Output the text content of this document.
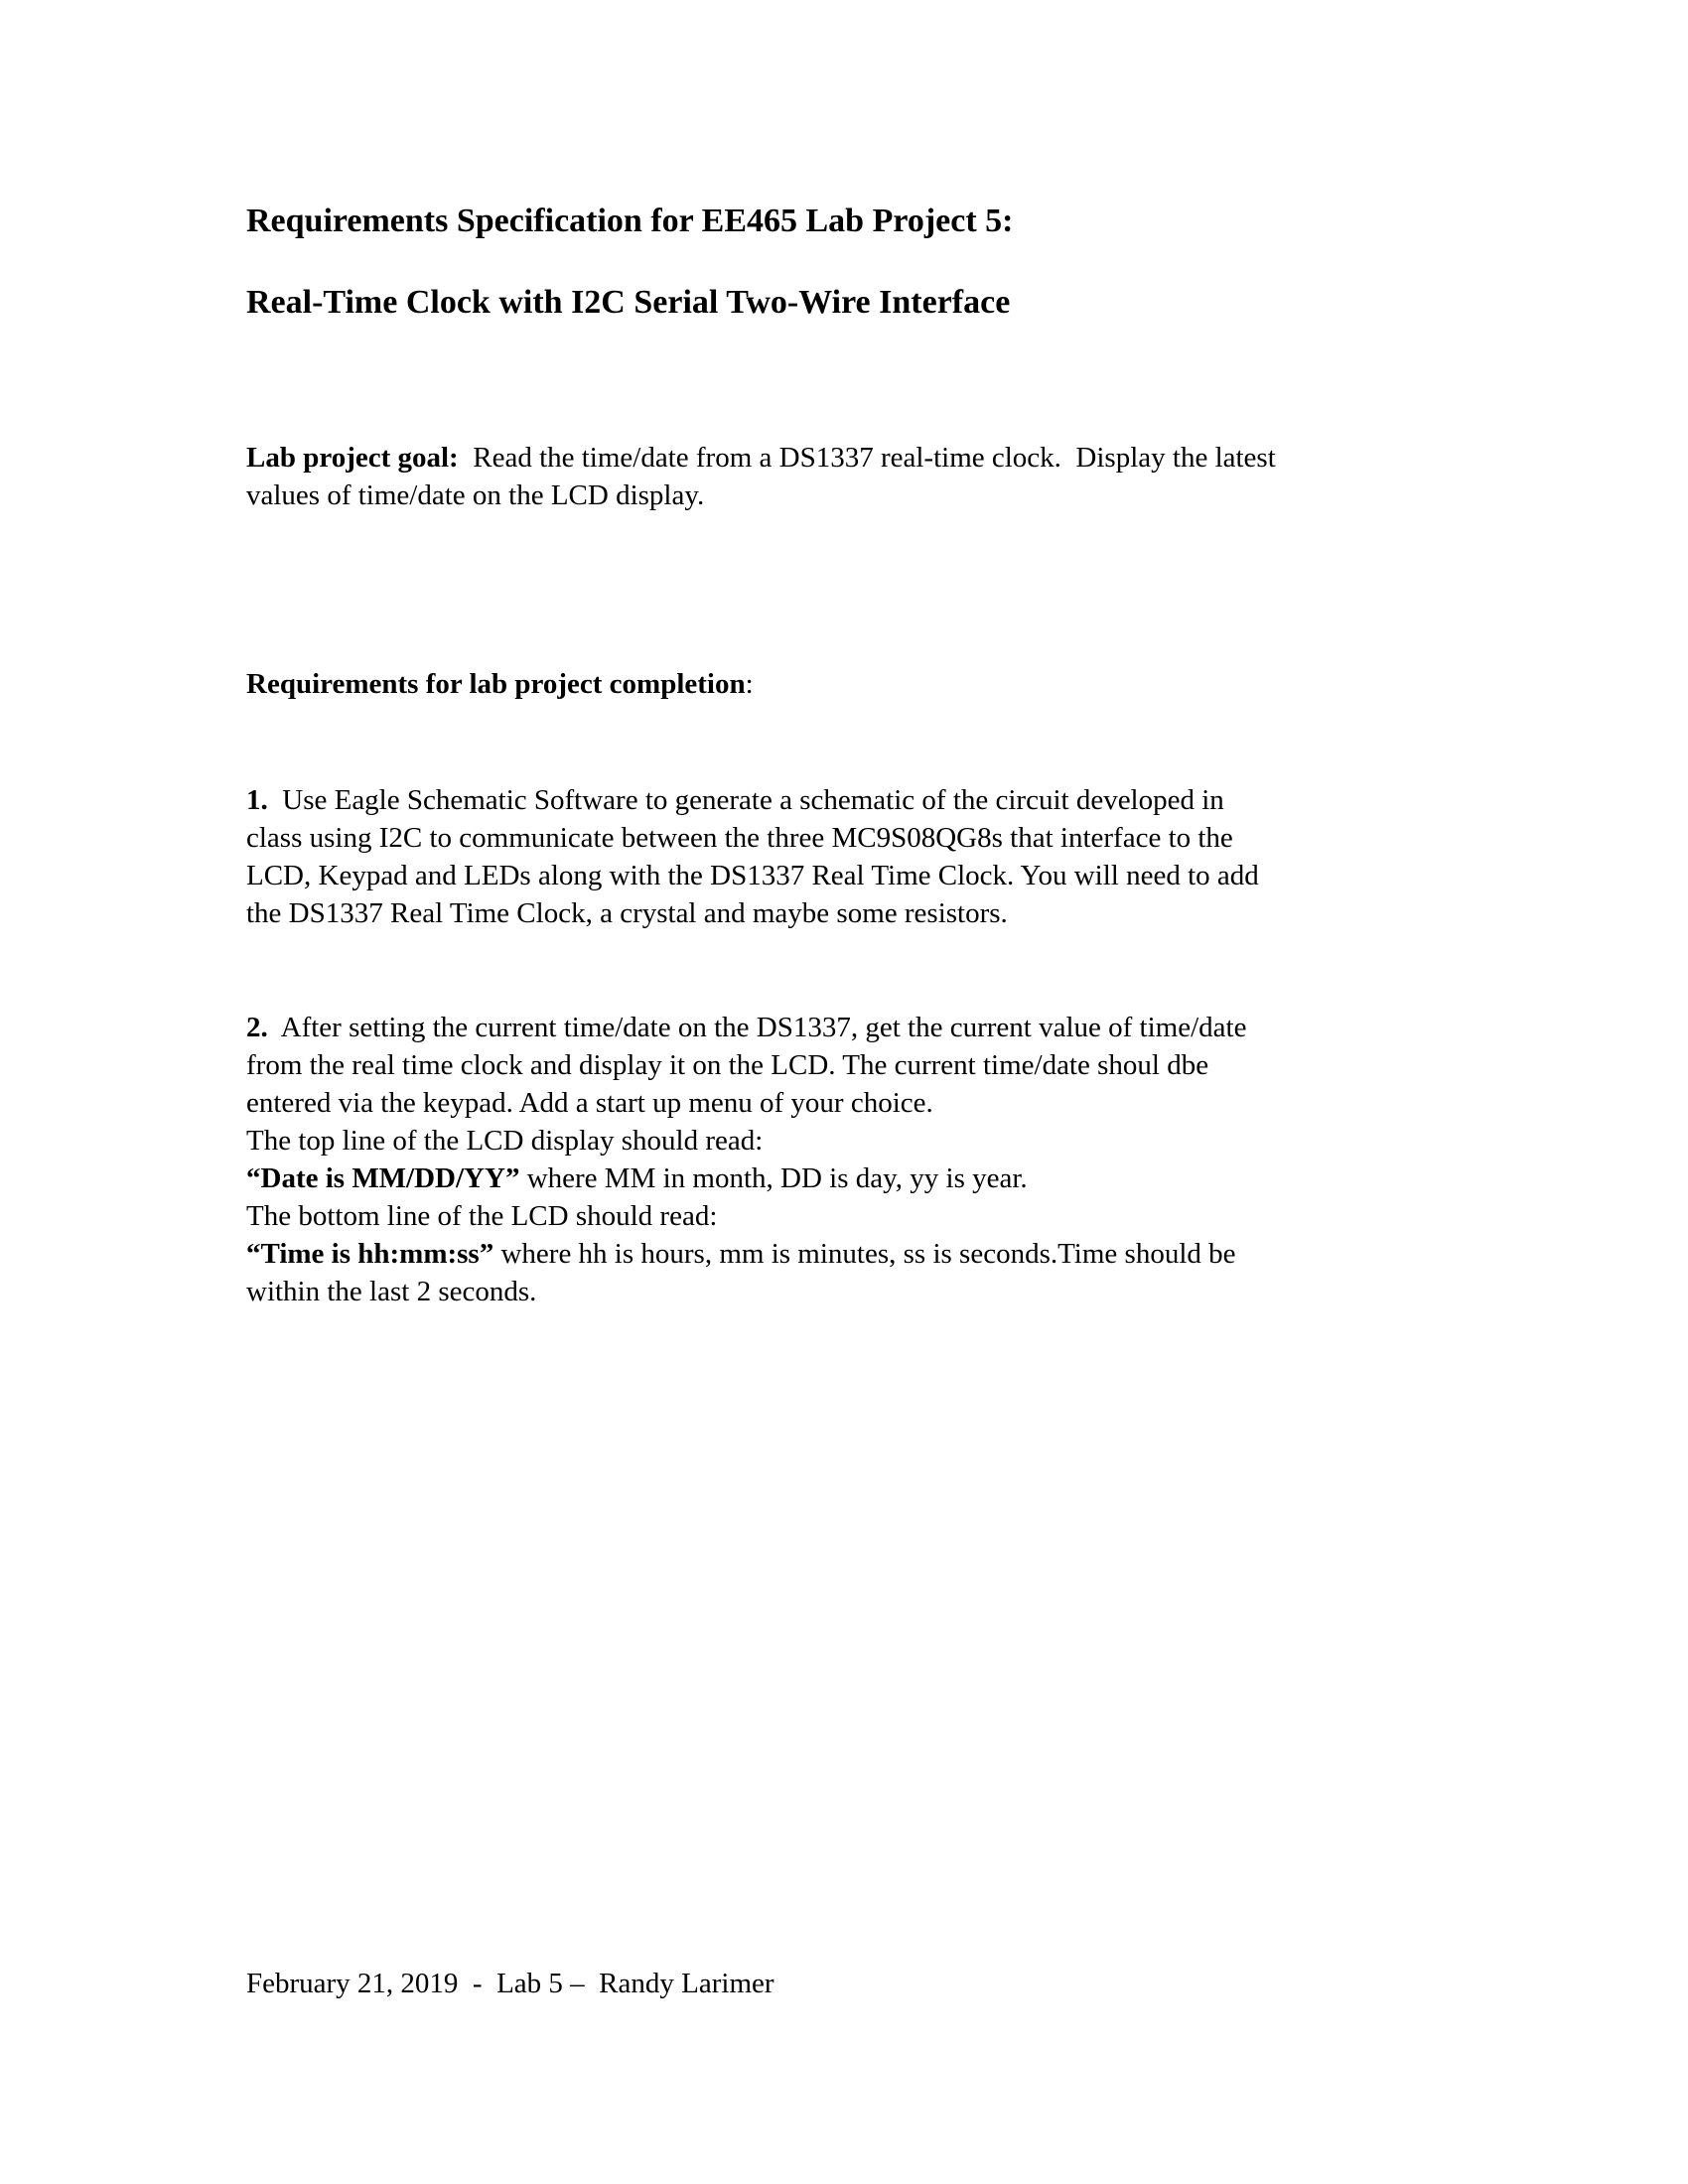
Requirements Specification for EE465 Lab Project 5:
Real-Time Clock with I2C Serial Two-Wire Interface
Lab project goal:  Read the time/date from a DS1337 real-time clock.  Display the latest
values of time/date on the LCD display.
Requirements for lab project completion:
1.  Use Eagle Schematic Software to generate a schematic of the circuit developed in
class using I2C to communicate between the three MC9S08QG8s that interface to the
LCD, Keypad and LEDs along with the DS1337 Real Time Clock. You will need to add
the DS1337 Real Time Clock, a crystal and maybe some resistors.
2.  After setting the current time/date on the DS1337, get the current value of time/date
from the real time clock and display it on the LCD. The current time/date shoul dbe
entered via the keypad. Add a start up menu of your choice.
The top line of the LCD display should read:
“Date is MM/DD/YY” where MM in month, DD is day, yy is year.
The bottom line of the LCD should read:
“Time is hh:mm:ss” where hh is hours, mm is minutes, ss is seconds.Time should be
within the last 2 seconds.
February 21, 2019  -  Lab 5 –  Randy Larimer
